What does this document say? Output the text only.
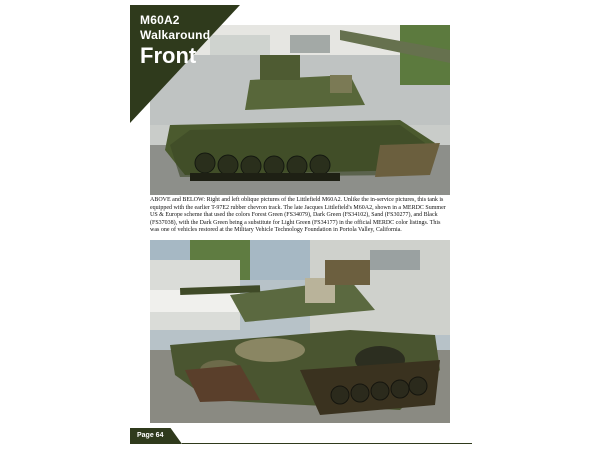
M60A2
Walkaround
Front
ABOVE and BELOW: Right and left oblique pictures of the Littlefield M60A2. Unlike the in-service pictures, this tank is equipped with the earlier T-97E2 rubber chevron track. The late Jacques Littlefield's M60A2, shown in a MERDC Summer US & Europe scheme that used the colors Forest Green (FS34079), Dark Green (FS34102), Sand (FS30277), and Black (FS37038), with the Dark Green being a substitute for Light Green (FS34177) in the official MERDC color listings. This was one of vehicles restored at the Military Vehicle Technology Foundation in Portola Valley, California.
Page 64
